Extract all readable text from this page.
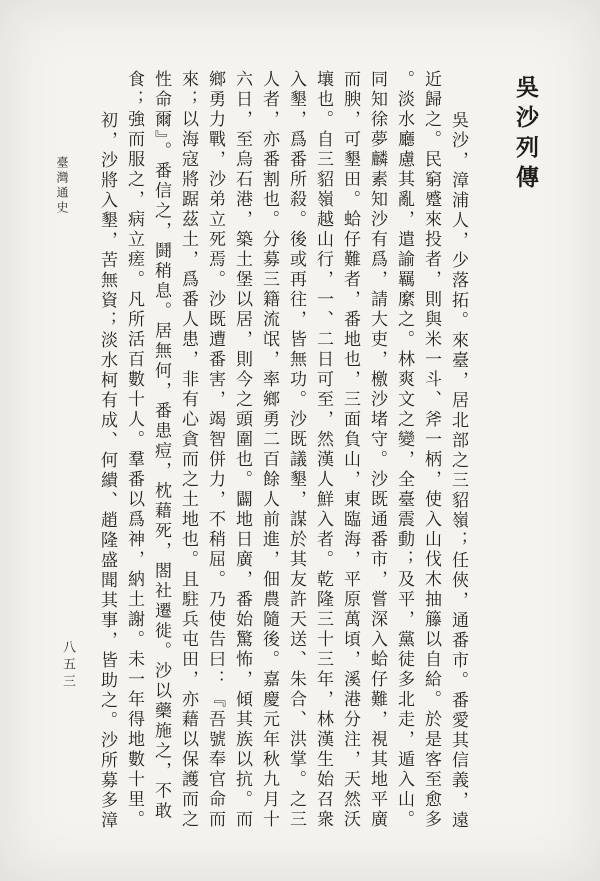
吳沙列傳
吳沙，漳浦人，少落拓。來臺，居北部之三貂嶺；任俠，通番市。番愛其信義，遠
近歸之。民窮蹙來投者，則與米一斗、斧一柄，使入山伐木抽籐以自給。於是客至愈多
。淡水廳慮其亂，遣諭羈縻之。林爽文之變，全臺震動；及平，黨徒多北走，遁入山。
同知徐夢麟素知沙有爲，請大吏，檄沙堵守。沙既通番市，嘗深入蛤仔難，視其地平廣
而腴，可墾田。蛤仔難者，番地也，三面負山，東臨海，平原萬頃，溪港分注，天然沃
壤也。自三貂嶺越山行，一、二日可至，然漢人鮮入者。乾隆三十三年，林漢生始召衆
入墾，爲番所殺。後或再往，皆無功。沙既議墾，謀於其友許天送、朱合、洪掌。之三
人者，亦番割也。分募三籍流氓，率鄉勇二百餘人前進，佃農隨後。嘉慶元年秋九月十
六日，至烏石港，築土堡以居，則今之頭圍也。闢地日廣，番始驚怖，傾其族以抗。而
鄉勇力戰，沙弟立死焉。沙既遭番害，竭智併力，不稍屈。乃使告曰：『吾號奉官命而
來；以海寇將踞茲土，爲番人患，非有心貪而之土地也。且駐兵屯田，亦藉以保護而之
性命爾』。番信之，鬪稍息。居無何，番患痘，枕藉死，閤社遷徙。沙以藥施之，不敢
食；強而服之，病立瘥。凡所活百數十人。羣番以爲神，納土謝。未一年得地數十里。
初，沙將入墾，苦無資；淡水柯有成、何繢、趙隆盛聞其事，皆助之。沙所募多漳
臺灣通史
八五三
